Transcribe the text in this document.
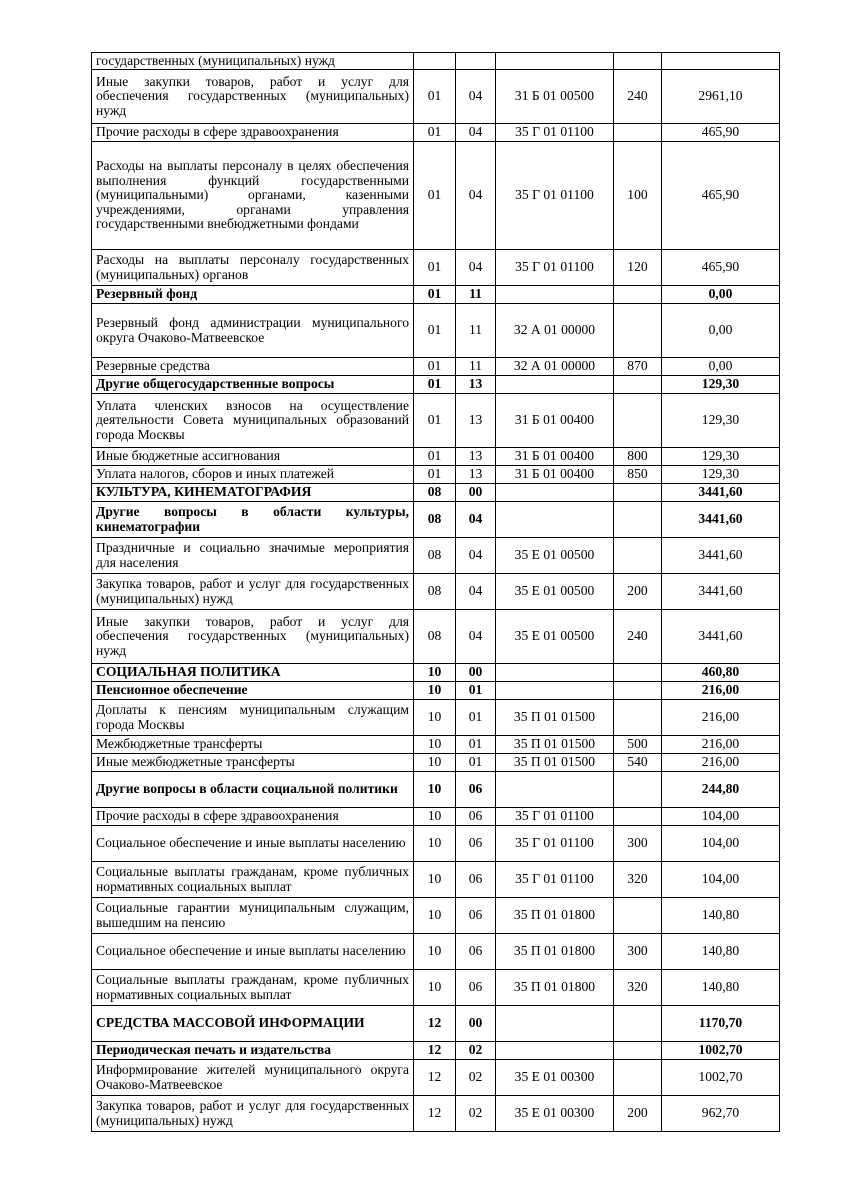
государственных (муниципальных) нужд					
Иные закупки товаров, работ и услуг для обеспечения государственных (муниципальных) нужд	01	04	31 Б 01 00500	240	2961,10
Прочие расходы в сфере здравоохранения	01	04	35 Г 01 01100		465,90
Расходы на выплаты персоналу в целях обеспечения выполнения функций государственными (муниципальными) органами, казенными учреждениями, органами управления государственными внебюджетными фондами	01	04	35 Г 01 01100	100	465,90
Расходы на выплаты персоналу государственных (муниципальных) органов	01	04	35 Г 01 01100	120	465,90
Резервный фонд	01	11			0,00
Резервный фонд администрации муниципального округа Очаково-Матвеевское	01	11	32 А 01 00000		0,00
Резервные средства	01	11	32 А 01 00000	870	0,00
Другие общегосударственные вопросы	01	13			129,30
Уплата членских взносов на осуществление деятельности Совета муниципальных образований города Москвы	01	13	31 Б 01 00400		129,30
Иные бюджетные ассигнования	01	13	31 Б 01 00400	800	129,30
Уплата налогов, сборов и иных платежей	01	13	31 Б 01 00400	850	129,30
КУЛЬТУРА, КИНЕМАТОГРАФИЯ	08	00			3441,60
Другие вопросы в области культуры, кинематографии	08	04			3441,60
Праздничные и социально значимые мероприятия для населения	08	04	35 Е 01 00500		3441,60
Закупка товаров, работ и услуг для государственных (муниципальных) нужд	08	04	35 Е 01 00500	200	3441,60
Иные закупки товаров, работ и услуг для обеспечения государственных (муниципальных) нужд	08	04	35 Е 01 00500	240	3441,60
СОЦИАЛЬНАЯ ПОЛИТИКА	10	00			460,80
Пенсионное обеспечение	10	01			216,00
Доплаты к пенсиям муниципальным служащим города Москвы	10	01	35 П 01 01500		216,00
Межбюджетные трансферты	10	01	35 П 01 01500	500	216,00
Иные межбюджетные трансферты	10	01	35 П 01 01500	540	216,00
Другие вопросы в области социальной политики	10	06			244,80
Прочие расходы в сфере здравоохранения	10	06	35 Г 01 01100		104,00
Социальное обеспечение и иные выплаты населению	10	06	35 Г 01 01100	300	104,00
Социальные выплаты гражданам, кроме публичных нормативных социальных выплат	10	06	35 Г 01 01100	320	104,00
Социальные гарантии муниципальным служащим, вышедшим на пенсию	10	06	35 П 01 01800		140,80
Социальное обеспечение и иные выплаты населению	10	06	35 П 01 01800	300	140,80
Социальные выплаты гражданам, кроме публичных нормативных социальных выплат	10	06	35 П 01 01800	320	140,80
СРЕДСТВА МАССОВОЙ ИНФОРМАЦИИ	12	00			1170,70
Периодическая печать и издательства	12	02			1002,70
Информирование жителей муниципального округа Очаково-Матвеевское	12	02	35 Е 01 00300		1002,70
Закупка товаров, работ и услуг для государственных (муниципальных) нужд	12	02	35 Е 01 00300	200	962,70
